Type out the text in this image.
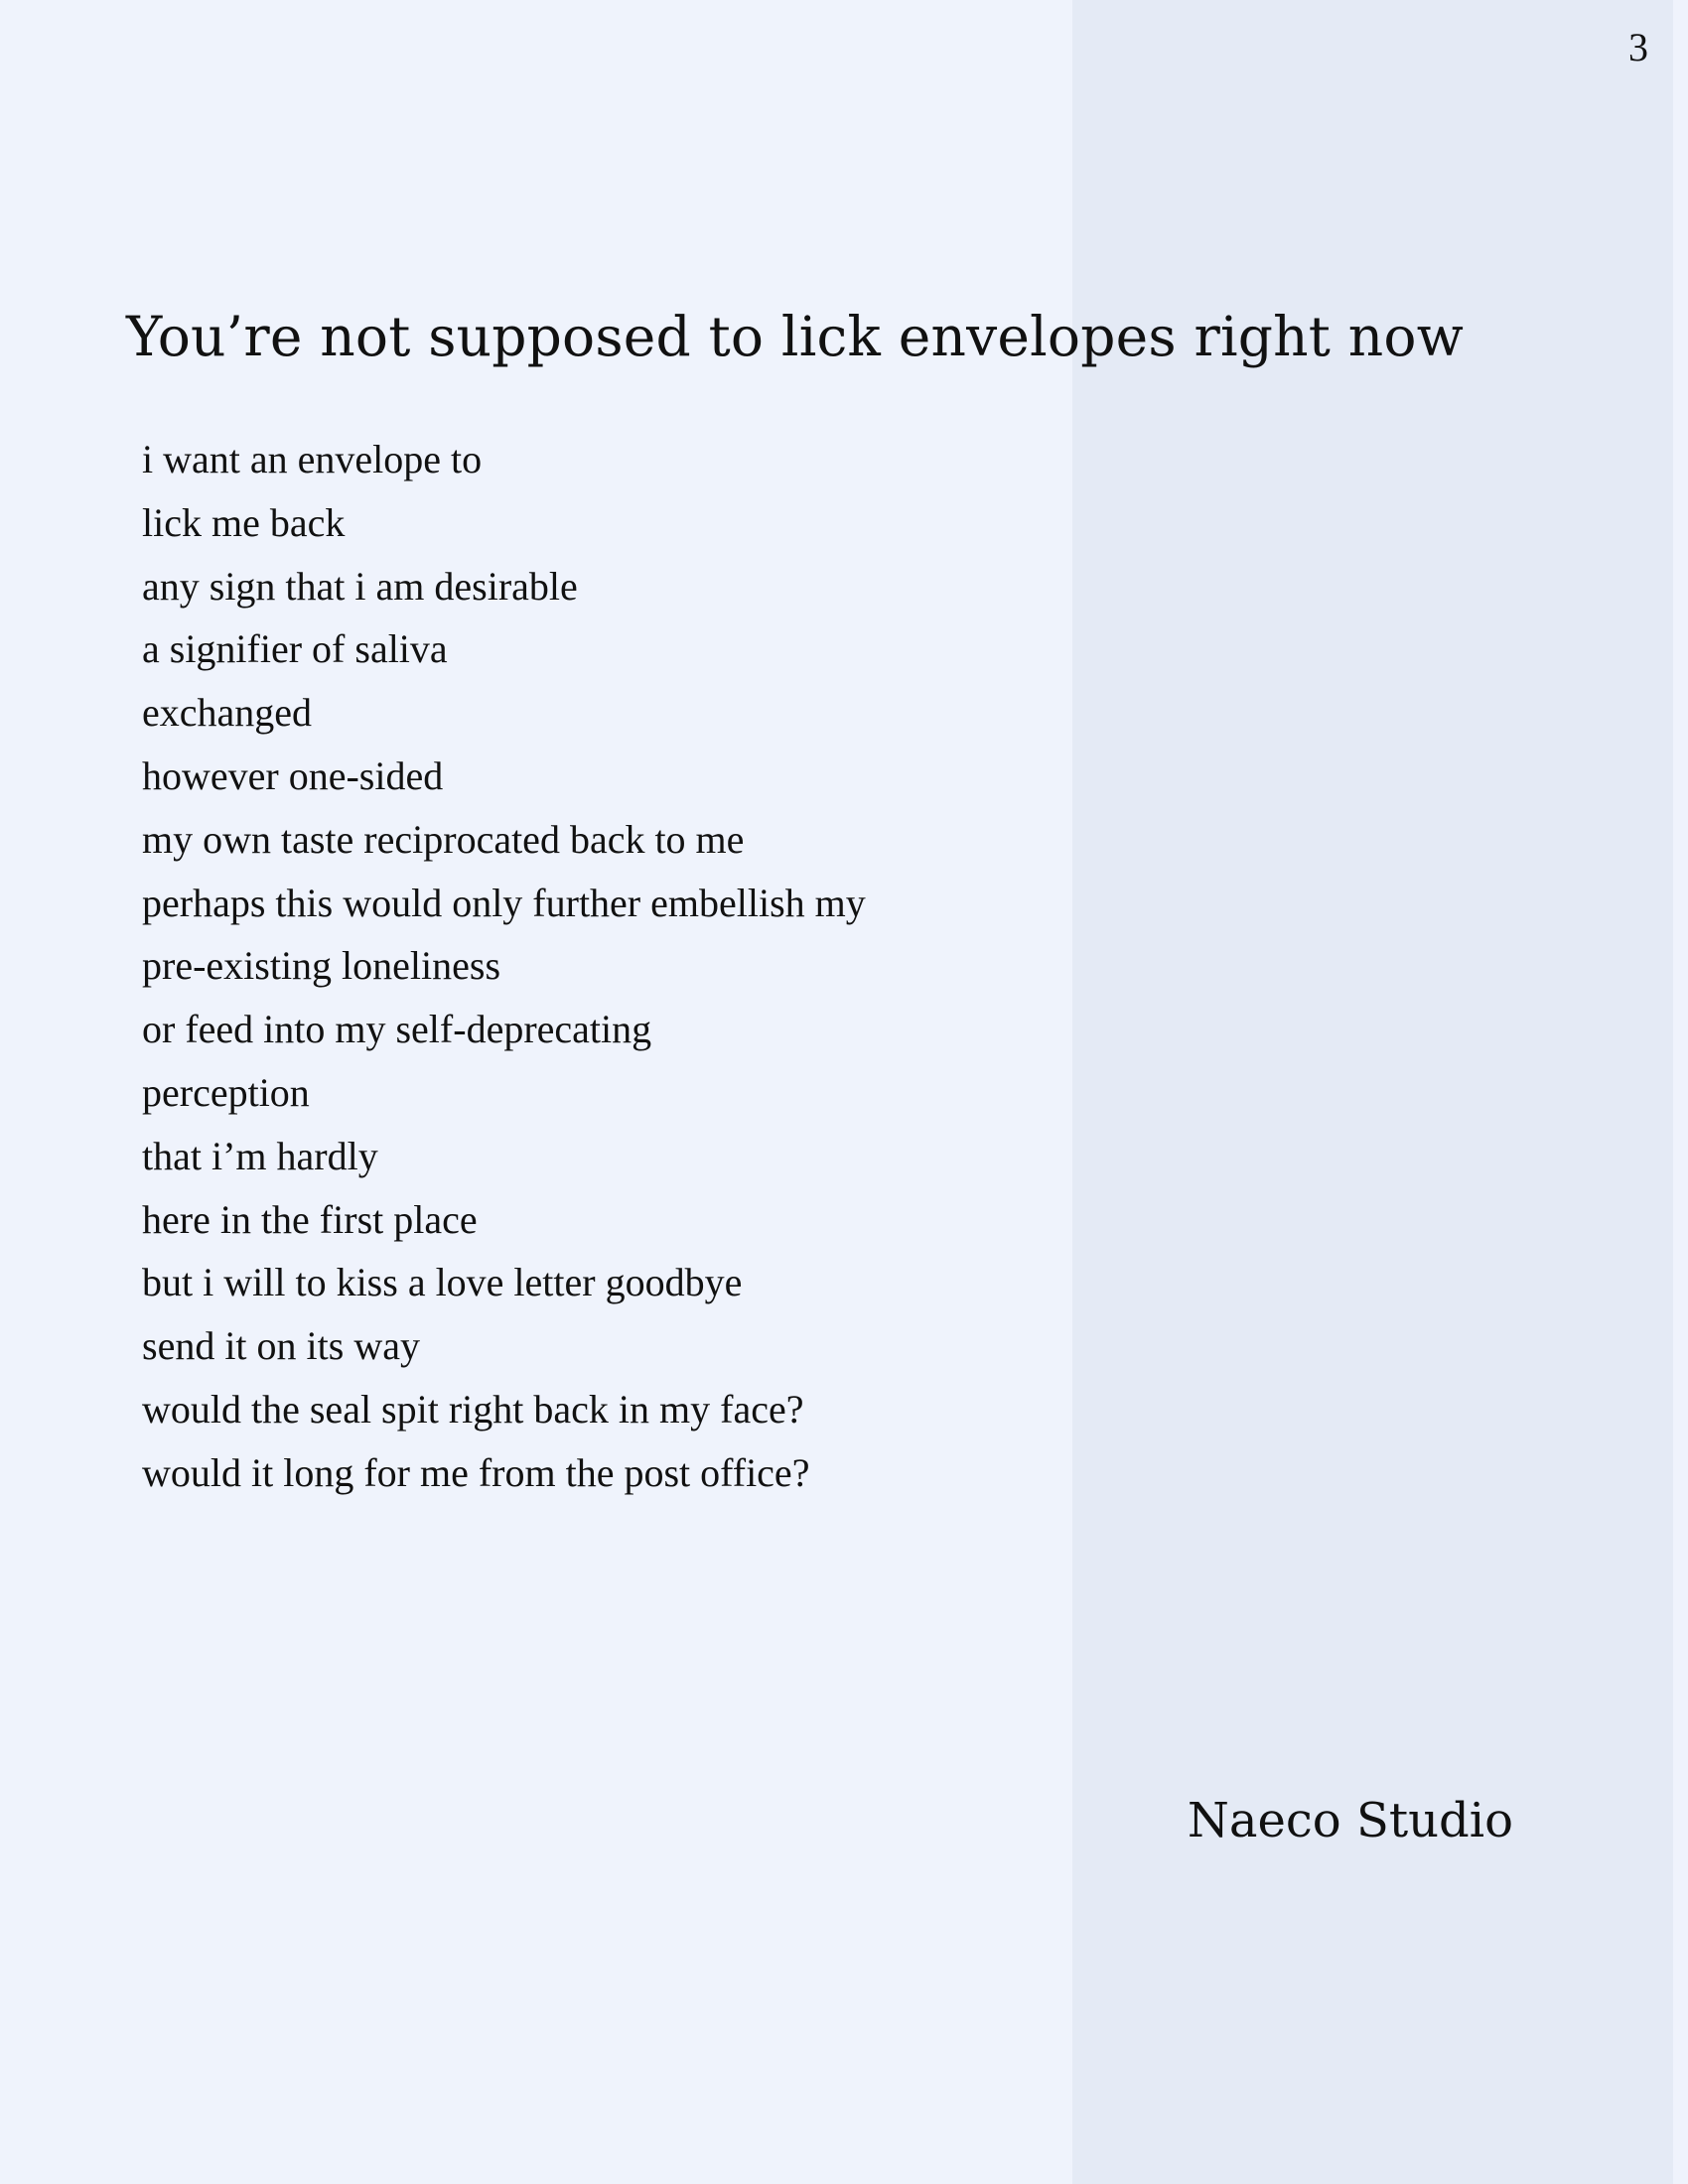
3
You’re not supposed to lick envelopes right now
i want an envelope to
lick me back
any sign that i am desirable
a signifier of saliva
exchanged
however one-sided
my own taste reciprocated back to me
perhaps this would only further embellish my
pre-existing loneliness
or feed into my self-deprecating
perception
that i’m hardly
here in the first place
but i will to kiss a love letter goodbye
send it on its way
would the seal spit right back in my face?
would it long for me from the post office?
Naeco Studio
